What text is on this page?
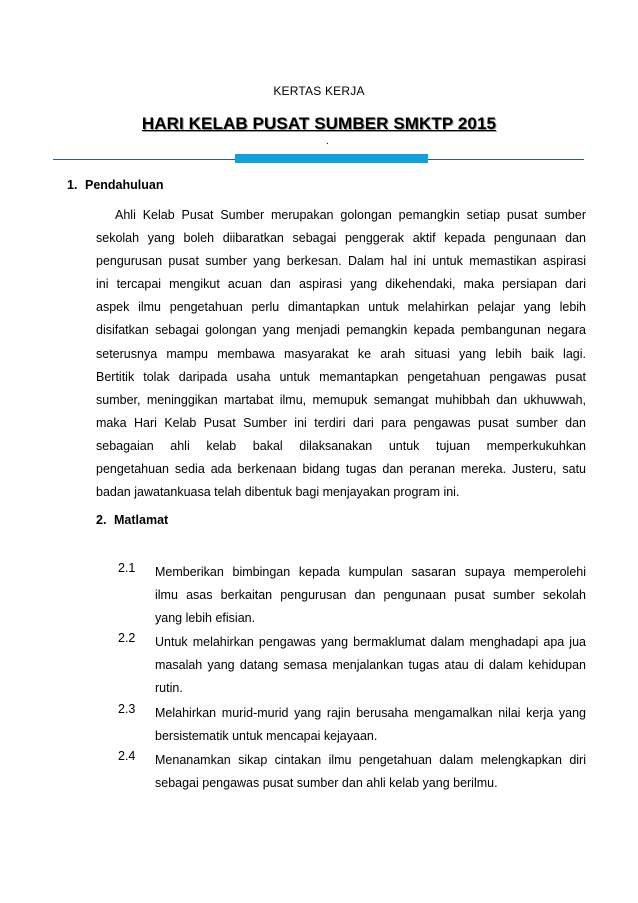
KERTAS KERJA
HARI KELAB PUSAT SUMBER SMKTP 2015
.
1. Pendahuluan
Ahli Kelab Pusat Sumber merupakan golongan pemangkin setiap pusat sumber
sekolah yang boleh diibaratkan sebagai penggerak aktif kepada pengunaan dan
pengurusan pusat sumber yang berkesan. Dalam hal ini untuk memastikan aspirasi
ini tercapai mengikut acuan dan aspirasi yang dikehendaki, maka persiapan dari
aspek ilmu pengetahuan perlu dimantapkan untuk melahirkan pelajar yang lebih
disifatkan sebagai golongan yang menjadi pemangkin kepada pembangunan negara
seterusnya mampu membawa masyarakat ke arah situasi yang lebih baik lagi.
Bertitik tolak daripada usaha untuk memantapkan pengetahuan pengawas pusat
sumber, meninggikan martabat ilmu, memupuk semangat muhibbah dan ukhuwwah,
maka Hari Kelab Pusat Sumber ini terdiri dari para pengawas pusat sumber dan
sebagaian ahli kelab bakal dilaksanakan untuk tujuan memperkukuhkan
pengetahuan sedia ada berkenaan bidang tugas dan peranan mereka. Justeru, satu
badan jawatankuasa telah dibentuk bagi menjayakan program ini.
2. Matlamat
2.1 Memberikan bimbingan kepada kumpulan sasaran supaya memperolehi
ilmu asas berkaitan pengurusan dan pengunaan pusat sumber sekolah
yang lebih efisian.
2.2 Untuk melahirkan pengawas yang bermaklumat dalam menghadapi apa jua
masalah yang datang semasa menjalankan tugas atau di dalam kehidupan
rutin.
2.3 Melahirkan murid-murid yang rajin berusaha mengamalkan nilai kerja yang
bersistematik untuk mencapai kejayaan.
2.4 Menanamkan sikap cintakan ilmu pengetahuan dalam melengkapkan diri
sebagai pengawas pusat sumber dan ahli kelab yang berilmu.
